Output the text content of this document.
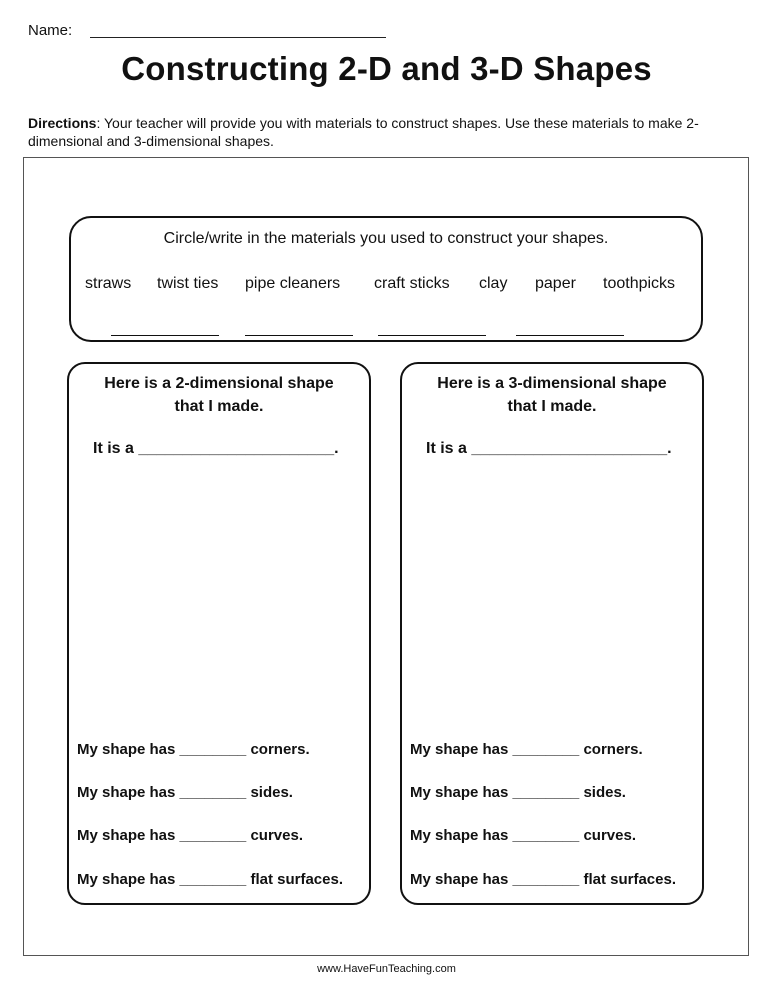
Name:
Constructing 2-D and 3-D Shapes
Directions: Your teacher will provide you with materials to construct shapes. Use these materials to make 2-dimensional and 3-dimensional shapes.
Circle/write in the materials you used to construct your shapes.
straws twist ties pipe cleaners craft sticks clay paper toothpicks
Here is a 2-dimensional shape
that I made.
It is a ______________________.
My shape has ________ corners.
My shape has ________ sides.
My shape has ________ curves.
My shape has ________ flat surfaces.
Here is a 3-dimensional shape
that I made.
It is a ______________________.
My shape has ________ corners.
My shape has ________ sides.
My shape has ________ curves.
My shape has ________ flat surfaces.
www.HaveFunTeaching.com
